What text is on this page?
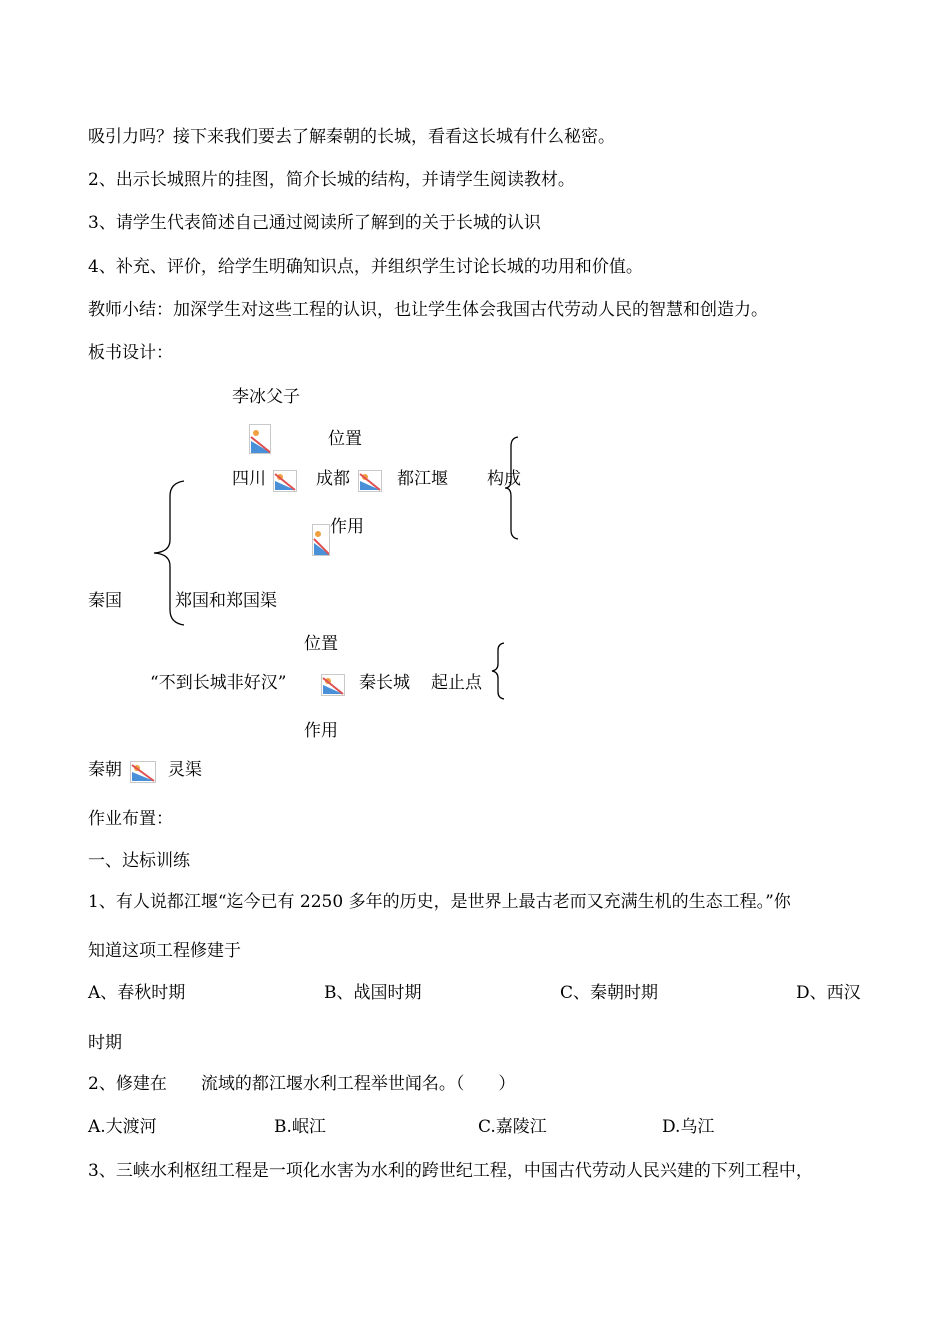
吸引力吗？接下来我们要去了解秦朝的长城，看看这长城有什么秘密。
2、出示长城照片的挂图，简介长城的结构，并请学生阅读教材。
3、请学生代表简述自己通过阅读所了解到的关于长城的认识
4、补充、评价，给学生明确知识点，并组织学生讨论长城的功用和价值。
教师小结：加深学生对这些工程的认识，也让学生体会我国古代劳动人民的智慧和创造力。
板书设计：
李冰父子
位置
四川	成都	都江堰 构成
作用
秦国	郑国和郑国渠
位置
“不到长城非好汉”	秦长城 起止点
作用
秦朝	灵渠
作业布置：
一、达标训练
1、有人说都江堰“迄今已有 2250 多年的历史，是世界上最古老而又充满生机的生态工程。”你
知道这项工程修建于
A、春秋时期	B、战国时期	C、秦朝时期	D、西汉
时期
2、修建在　　流域的都江堰水利工程举世闻名。（　　）
A.大渡河	B.岷江	C.嘉陵江	D.乌江
3、三峡水利枢纽工程是一项化水害为水利的跨世纪工程，中国古代劳动人民兴建的下列工程中，
